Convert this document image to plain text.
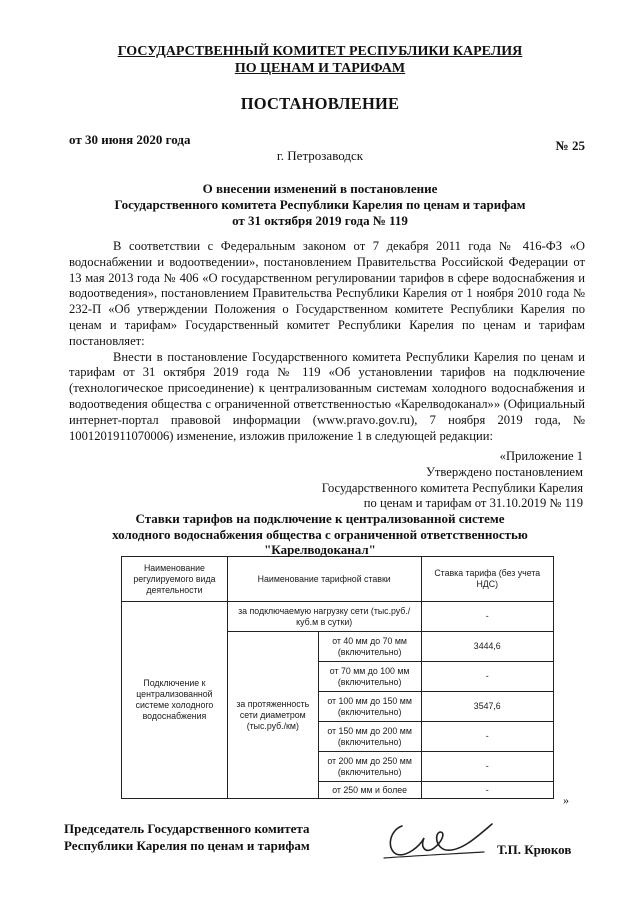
ГОСУДАРСТВЕННЫЙ КОМИТЕТ РЕСПУБЛИКИ КАРЕЛИЯ
ПО ЦЕНАМ И ТАРИФАМ
ПОСТАНОВЛЕНИЕ
от 30 июня 2020 года	№ 25
г. Петрозаводск
О внесении изменений в постановление
Государственного комитета Республики Карелия по ценам и тарифам
от 31 октября 2019 года № 119

В соответствии с Федеральным законом от 7 декабря 2011 года № 416-ФЗ «О водоснабжении и водоотведении», постановлением Правительства Российской Федерации от 13 мая 2013 года № 406 «О государственном регулировании тарифов в сфере водоснабжения и водоотведения», постановлением Правительства Республики Карелия от 1 ноября 2010 года № 232-П «Об утверждении Положения о Государственном комитете Республики Карелия по ценам и тарифам» Государственный комитет Республики Карелия по ценам и тарифам постановляет:

Внести в постановление Государственного комитета Республики Карелия по ценам и тарифам от 31 октября 2019 года № 119 «Об установлении тарифов на подключение (технологическое присоединение) к централизованным системам холодного водоснабжения и водоотведения общества с ограниченной ответственностью «Карелводоканал»» (Официальный интернет-портал правовой информации (www.pravo.gov.ru), 7 ноября 2019 года, № 1001201911070006) изменение, изложив приложение 1 в следующей редакции:

«Приложение 1
Утверждено постановлением
Государственного комитета Республики Карелия
по ценам и тарифам от 31.10.2019 № 119
Ставки тарифов на подключение к централизованной системе
холодного водоснабжения общества с ограниченной ответственностью
"Карелводоканал"
Наименование регулируемого вида деятельности	Наименование тарифной ставки		Ставка тарифа (без учета НДС)
Подключение к централизованной системе холодного водоснабжения	за подключаемую нагрузку сети (тыс.руб./куб.м в сутки)		-
	за протяженность сети диаметром (тыс.руб./км)	от 40 мм до 70 мм (включительно)	3444,6
		от 70 мм до 100 мм (включительно)	-
		от 100 мм до 150 мм (включительно)	3547,6
		от 150 мм до 200 мм (включительно)	-
		от 200 мм до 250 мм (включительно)	-
		от 250 мм и более	-
»
Председатель Государственного комитета
Республики Карелия по ценам и тарифам	Т.П. Крюков
